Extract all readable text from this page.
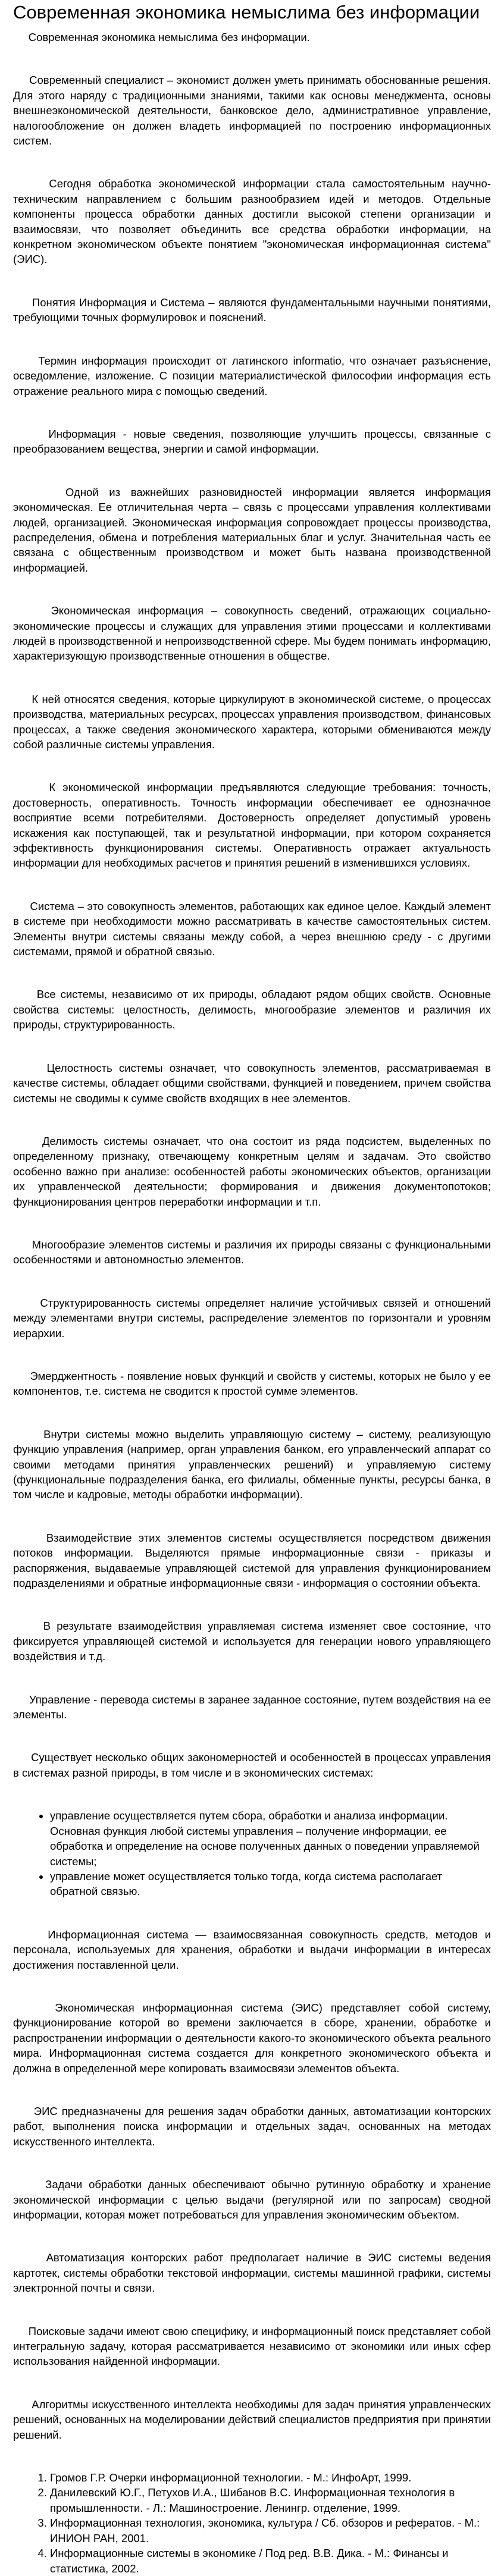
Современная экономика немыслима без информации

Современная экономика немыслима без информации.

Современный специалист – экономист должен уметь принимать обоснованные решения. Для этого наряду с традиционными знаниями, такими как основы менеджмента, основы внешнеэкономической деятельности, банковское дело, административное управление, налогообложение он должен владеть информацией по построению информационных систем.

Сегодня обработка экономической информации стала самостоятельным научно-техническим направлением с большим разнообразием идей и методов. Отдельные компоненты процесса обработки данных достигли высокой степени организации и взаимосвязи, что позволяет объединить все средства обработки информации, на конкретном экономическом объекте понятием "экономическая информационная система" (ЭИС).

Понятия Информация и Система – являются фундаментальными научными понятиями, требующими точных формулировок и пояснений.

Термин информация происходит от латинского informatio, что означает разъяснение, осведомление, изложение. С позиции материалистической философии информация есть отражение реального мира с помощью сведений.

Информация - новые сведения, позволяющие улучшить процессы, связанные с преобразованием вещества, энергии и самой информации.

Одной из важнейших разновидностей информации является информация экономическая. Ее отличительная черта – связь с процессами управления коллективами людей, организацией. Экономическая информация сопровождает процессы производства, распределения, обмена и потребления материальных благ и услуг. Значительная часть ее связана с общественным производством и может быть названа производственной информацией.

Экономическая информация – совокупность сведений, отражающих социально-экономические процессы и служащих для управления этими процессами и коллективами людей в производственной и непроизводственной сфере. Мы будем понимать информацию, характеризующую производственные отношения в обществе.

К ней относятся сведения, которые циркулируют в экономической системе, о процессах производства, материальных ресурсах, процессах управления производством, финансовых процессах, а также сведения экономического характера, которыми обмениваются между собой различные системы управления.

К экономической информации предъявляются следующие требования: точность, достоверность, оперативность. Точность информации обеспечивает ее однозначное восприятие всеми потребителями. Достоверность определяет допустимый уровень искажения как поступающей, так и результатной информации, при котором сохраняется эффективность функционирования системы. Оперативность отражает актуальность информации для необходимых расчетов и принятия решений в изменившихся условиях.

Система – это совокупность элементов, работающих как единое целое. Каждый элемент в системе при необходимости можно рассматривать в качестве самостоятельных систем. Элементы внутри системы связаны между собой, а через внешнюю среду - с другими системами, прямой и обратной связью.

Все системы, независимо от их природы, обладают рядом общих свойств. Основные свойства системы: целостность, делимость, многообразие элементов и различия их природы, структурированность.

Целостность системы означает, что совокупность элементов, рассматриваемая в качестве системы, обладает общими свойствами, функцией и поведением, причем свойства системы не сводимы к сумме свойств входящих в нее элементов.

Делимость системы означает, что она состоит из ряда подсистем, выделенных по определенному признаку, отвечающему конкретным целям и задачам. Это свойство особенно важно при анализе: особенностей работы экономических объектов, организации их управленческой деятельности; формирования и движения документопотоков; функционирования центров переработки информации и т.п.

Многообразие элементов системы и различия их природы связаны с функциональными особенностями и автономностью элементов.

Структурированность системы определяет наличие устойчивых связей и отношений между элементами внутри системы, распределение элементов по горизонтали и уровням иерархии.

Эмерджентность - появление новых функций и свойств у системы, которых не было у ее компонентов, т.е. система не сводится к простой сумме элементов.

Внутри системы можно выделить управляющую систему – систему, реализующую функцию управления (например, орган управления банком, его управленческий аппарат со своими методами принятия управленческих решений) и управляемую систему (функциональные подразделения банка, его филиалы, обменные пункты, ресурсы банка, в том числе и кадровые, методы обработки информации).

Взаимодействие этих элементов системы осуществляется посредством движения потоков информации. Выделяются прямые информационные связи - приказы и распоряжения, выдаваемые управляющей системой для управления функционированием подразделениями и обратные информационные связи - информация о состоянии объекта.

В результате взаимодействия управляемая система изменяет свое состояние, что фиксируется управляющей системой и используется для генерации нового управляющего воздействия и т.д.

Управление - перевода системы в заранее заданное состояние, путем воздействия на ее элементы.

Существует несколько общих закономерностей и особенностей в процессах управления в системах разной природы, в том числе и в экономических системах:

• управление осуществляется путем сбора, обработки и анализа информации. Основная функция любой системы управления – получение информации, ее обработка и определение на основе полученных данных о поведении управляемой системы;
• управление может осуществляется только тогда, когда система располагает обратной связью.

Информационная система — взаимосвязанная совокупность средств, методов и персонала, используемых для хранения, обработки и выдачи информации в интересах достижения поставленной цели.

Экономическая информационная система (ЭИС) представляет собой систему, функционирование которой во времени заключается в сборе, хранении, обработке и распространении информации о деятельности какого-то экономического объекта реального мира. Информационная система создается для конкретного экономического объекта и должна в определенной мере копировать взаимосвязи элементов объекта.

ЭИС предназначены для решения задач обработки данных, автоматизации конторских работ, выполнения поиска информации и отдельных задач, основанных на методах искусственного интеллекта.

Задачи обработки данных обеспечивают обычно рутинную обработку и хранение экономической информации с целью выдачи (регулярной или по запросам) сводной информации, которая может потребоваться для управления экономическим объектом.

Автоматизация конторских работ предполагает наличие в ЭИС системы ведения картотек, системы обработки текстовой информации, системы машинной графики, системы электронной почты и связи.

Поисковые задачи имеют свою специфику, и информационный поиск представляет собой интегральную задачу, которая рассматривается независимо от экономики или иных сфер использования найденной информации.

Алгоритмы искусственного интеллекта необходимы для задач принятия управленческих решений, основанных на моделировании действий специалистов предприятия при принятии решений.

1. Громов Г.Р. Очерки информационной технологии. - М.: ИнфоАрт, 1999.
2. Данилевский Ю.Г., Петухов И.А., Шибанов В.С. Информационная технология в промышленности. - Л.: Машиностроение. Ленингр. отделение, 1999.
3. Информационная технология, экономика, культура / Сб. обзоров и рефератов. - М.: ИНИОН РАН, 2001.
4. Информационные системы в экономике / Под ред. В.В. Дика. - М.: Финансы и статистика, 2002.
